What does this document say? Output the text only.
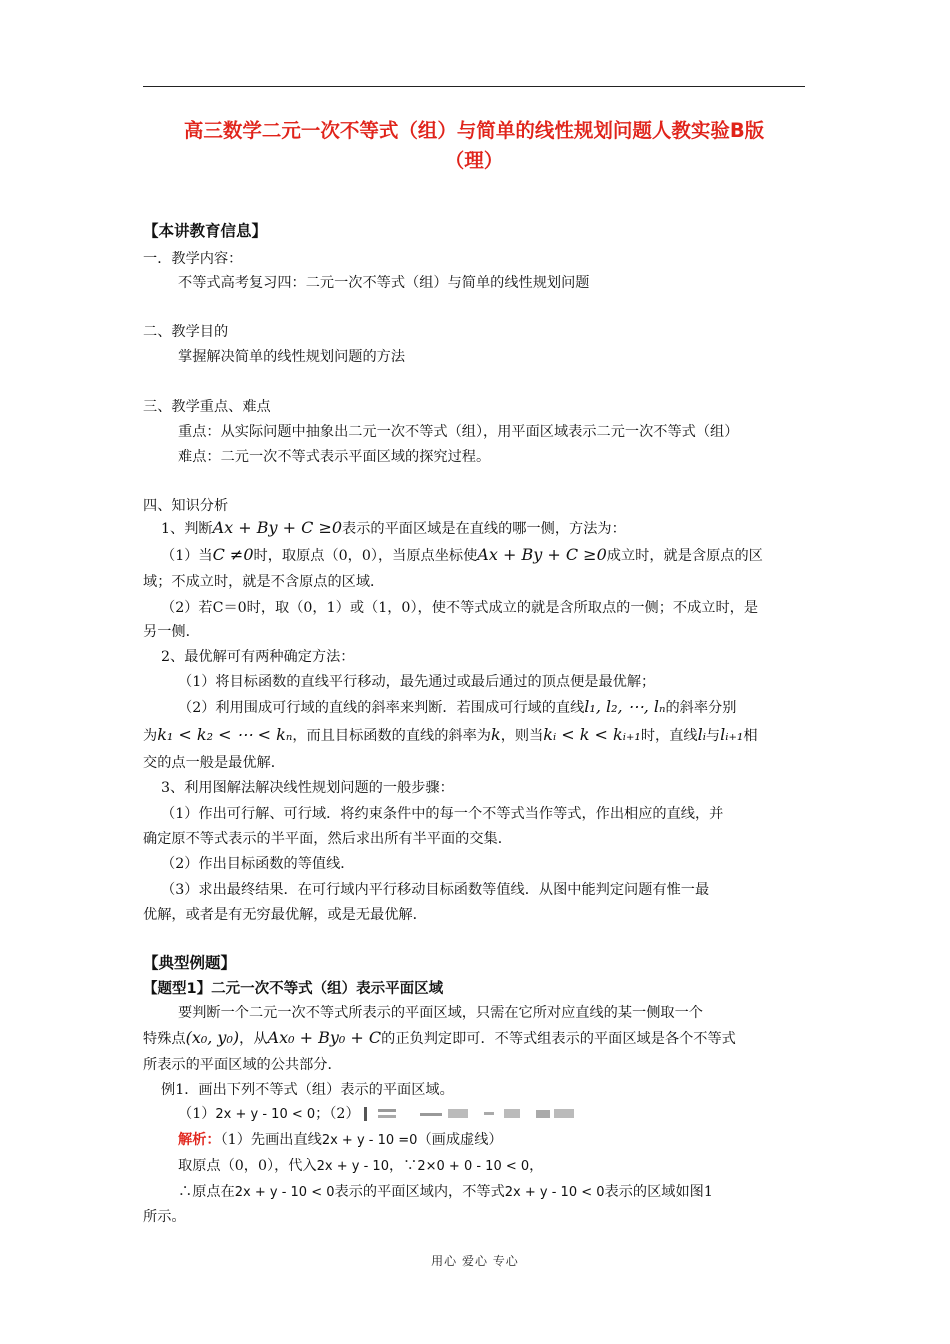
高三数学二元一次不等式（组）与简单的线性规划问题人教实验B版
（理）
【本讲教育信息】
一．教学内容：
不等式高考复习四：二元一次不等式（组）与简单的线性规划问题
二、教学目的
掌握解决简单的线性规划问题的方法
三、教学重点、难点
重点：从实际问题中抽象出二元一次不等式（组），用平面区域表示二元一次不等式（组）
难点：二元一次不等式表示平面区域的探究过程。
四、知识分析
1、判断Ax + By + C ≥0表示的平面区域是在直线的哪一侧，方法为：
（1）当C ≠0时，取原点（0，0），当原点坐标使Ax + By + C ≥0成立时，就是含原点的区
域；不成立时，就是不含原点的区域．
（2）若C＝0时，取（0，1）或（1，0），使不等式成立的就是含所取点的一侧；不成立时，是
另一侧．
2、最优解可有两种确定方法：
（1）将目标函数的直线平行移动，最先通过或最后通过的顶点便是最优解；
（2）利用围成可行域的直线的斜率来判断．若围成可行域的直线l₁, l₂, ⋯, lₙ的斜率分别
为k₁ < k₂ < ⋯ < kₙ，而且目标函数的直线的斜率为k，则当kᵢ < k < kᵢ₊₁时，直线lᵢ与lᵢ₊₁相
交的点一般是最优解．
3、利用图解法解决线性规划问题的一般步骤：
（1）作出可行解、可行域．将约束条件中的每一个不等式当作等式，作出相应的直线，并
确定原不等式表示的半平面，然后求出所有半平面的交集．
（2）作出目标函数的等值线．
（3）求出最终结果．在可行域内平行移动目标函数等值线．从图中能判定问题有惟一最
优解，或者是有无穷最优解，或是无最优解．
【典型例题】
【题型1】二元一次不等式（组）表示平面区域
要判断一个二元一次不等式所表示的平面区域，只需在它所对应直线的某一侧取一个
特殊点(x₀, y₀)，从Ax₀ + By₀ + C的正负判定即可．不等式组表示的平面区域是各个不等式
所表示的平面区域的公共部分．
例1．画出下列不等式（组）表示的平面区域。
（1）2x + y - 10 < 0；（2）
解析：（1）先画出直线2x + y - 10 =0（画成虚线）
取原点（0，0），代入2x + y - 10，∵2×0 + 0 - 10 < 0，
∴原点在2x + y - 10 < 0表示的平面区域内，不等式2x + y - 10 < 0表示的区域如图1
所示。
用心 爱心 专心
